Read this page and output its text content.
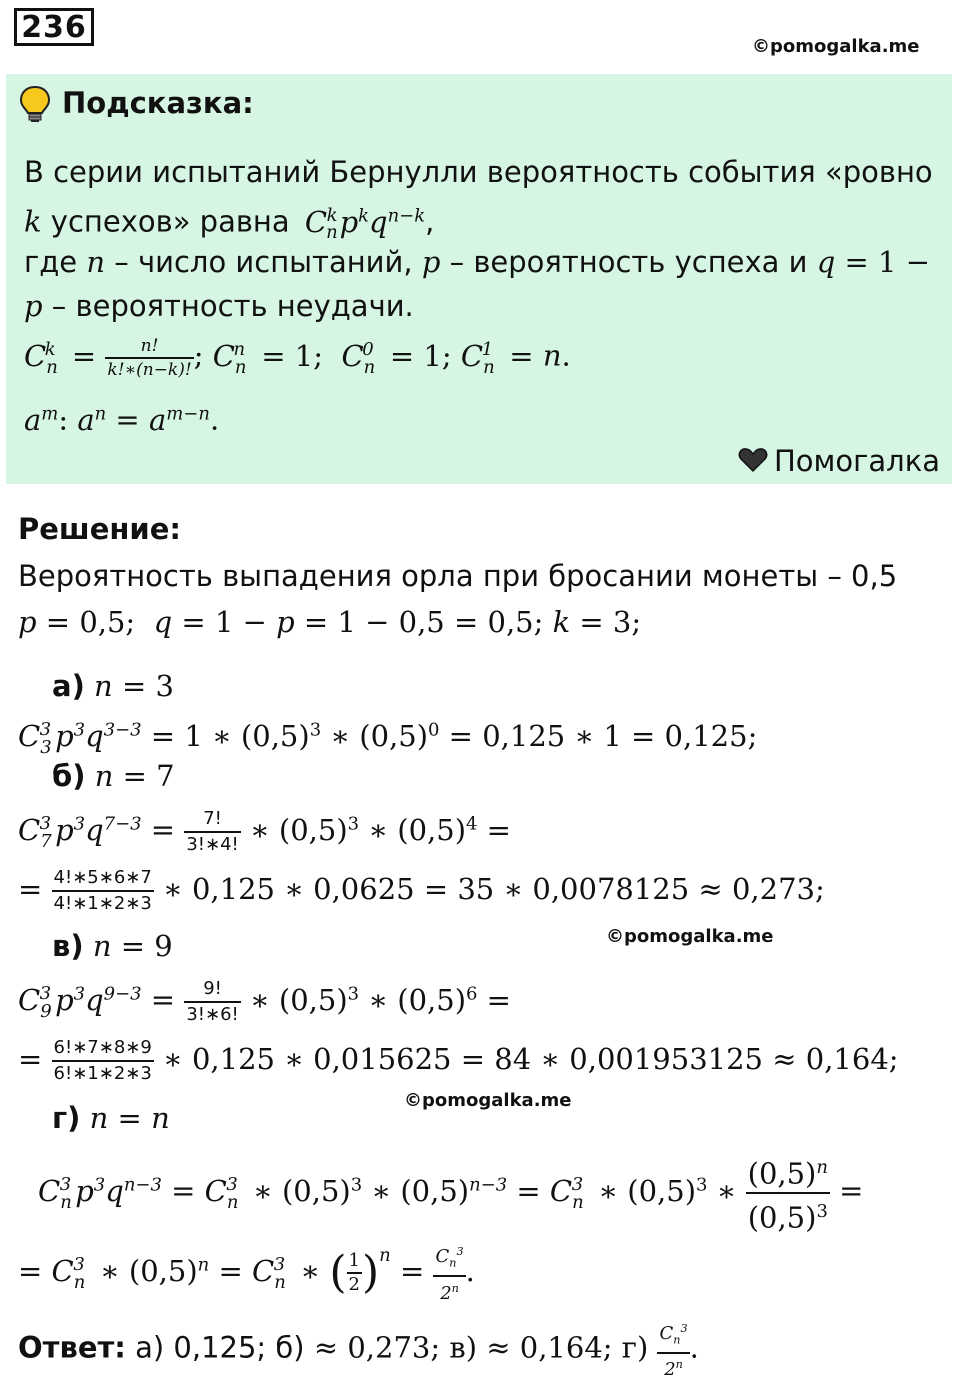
236
©pomogalka.me
Подсказка:
В серии испытаний Бернулли вероятность события «ровно
k успехов» равна $C_n^kp^kq^{n-k}$,
где n – число испытаний, p – вероятность успеха и q = 1 −
p – вероятность неудачи.
$C_n^k = \frac{n!}{k!∗(n-k)!}$ ; $C_n^n = 1$;  $C_n^0 = 1$; $C_n^1 = n$.
$a^m$: $a^n = a^{m-n}$.
Помогалка
Решение:
Вероятность выпадения орла при бросании монеты – 0,5
p = 0,5;  q = 1 − p = 1 − 0,5 = 0,5; k = 3;
а) n = 3
$C_3^3$ $p^3q^{3-3} = 1$ ∗ $(0,5)^3$ ∗ $(0,5)^0 = 0,125$ ∗ 1 = 0,125;
б) n = 7
$C_7^3$ $p^3q^{7-3} = \frac{7!}{3!∗4!}$ ∗ $(0,5)^3$ ∗ $(0,5)^4$ =
= $\frac{4!∗5∗6∗7}{4!∗1∗2∗3}$ ∗ 0,125 ∗ 0,0625 = 35 ∗ 0,0078125 ≈ 0,273;
в) n = 9	©pomogalka.me
$C_9^3$ $p^3q^{9-3} = \frac{9!}{3!∗6!}$ ∗ $(0,5)^3$ ∗ $(0,5)^6$ =
= $\frac{6!∗7∗8∗9}{6!∗1∗2∗3}$ ∗ 0,125 ∗ 0,015625 = 84 ∗ 0,001953125 ≈ 0,164;
©pomogalka.me
г) n = n
$C_n^3$ $p^3q^{n-3} = C_n^3$ ∗ $(0,5)^3$ ∗ $(0,5)^{n-3} = C_n^3$ ∗ $(0,5)^3$ ∗ $\frac{(0,5)^n}{(0,5)^3}$ =
= $C_n^3$ ∗ $(0,5)^n = C_n^3$ ∗ ( $\frac{1}{2} )^n = \frac{C_n^3}{2^n}$ .
Ответ: а) 0,125; б) ≈ 0,273; в) ≈ 0,164; $г) \frac{C_n^3}{2^n}$ .
